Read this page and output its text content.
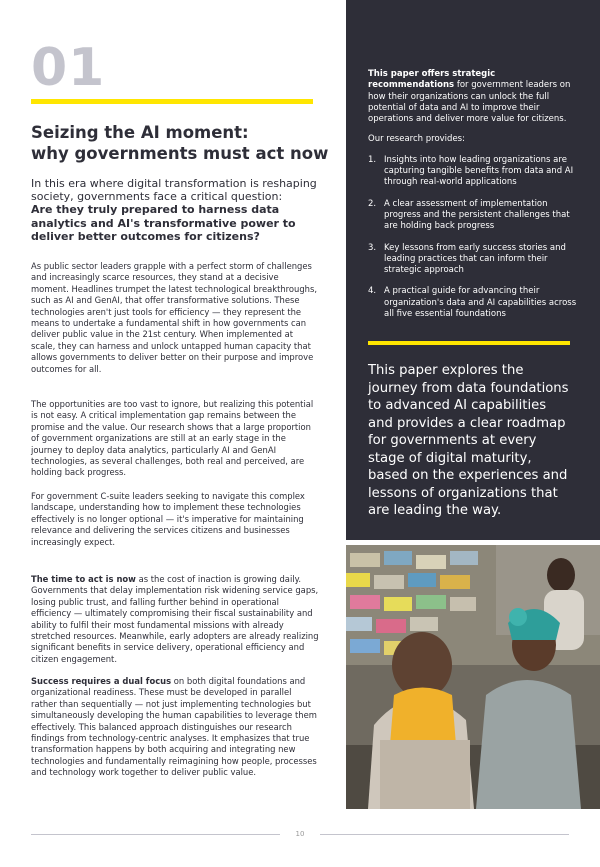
01
Seizing the AI moment:
why governments must act now

In this era where digital transformation is reshaping society, governments face a critical question:
Are they truly prepared to harness data analytics and AI's transformative power to deliver better outcomes for citizens?

As public sector leaders grapple with a perfect storm of challenges and increasingly scarce resources, they stand at a decisive moment. Headlines trumpet the latest technological breakthroughs, such as AI and GenAI, that offer transformative solutions. These technologies aren't just tools for efficiency — they represent the means to undertake a fundamental shift in how governments can deliver public value in the 21st century. When implemented at scale, they can harness and unlock untapped human capacity that allows governments to deliver better on their purpose and improve outcomes for all.

The opportunities are too vast to ignore, but realizing this potential is not easy. A critical implementation gap remains between the promise and the value. Our research shows that a large proportion of government organizations are still at an early stage in the journey to deploy data analytics, particularly AI and GenAI technologies, as several challenges, both real and perceived, are holding back progress.

For government C-suite leaders seeking to navigate this complex landscape, understanding how to implement these technologies effectively is no longer optional — it's imperative for maintaining relevance and delivering the services citizens and businesses increasingly expect.

The time to act is now as the cost of inaction is growing daily. Governments that delay implementation risk widening service gaps, losing public trust, and falling further behind in operational efficiency — ultimately compromising their fiscal sustainability and ability to fulfil their most fundamental missions with already stretched resources. Meanwhile, early adopters are already realizing significant benefits in service delivery, operational efficiency and citizen engagement.

Success requires a dual focus on both digital foundations and organizational readiness. These must be developed in parallel rather than sequentially — not just implementing technologies but simultaneously developing the human capabilities to leverage them effectively. This balanced approach distinguishes our research findings from technology-centric analyses. It emphasizes that true transformation happens by both acquiring and integrating new technologies and fundamentally reimagining how people, processes and technology work together to deliver public value.

This paper offers strategic recommendations for government leaders on how their organizations can unlock the full potential of data and AI to improve their operations and deliver more value for citizens.

Our research provides:

1. Insights into how leading organizations are capturing tangible benefits from data and AI through real-world applications
2. A clear assessment of implementation progress and the persistent challenges that are holding back progress
3. Key lessons from early success stories and leading practices that can inform their strategic approach
4. A practical guide for advancing their organization's data and AI capabilities across all five essential foundations

This paper explores the journey from data foundations to advanced AI capabilities and provides a clear roadmap for governments at every stage of digital maturity, based on the experiences and lessons of organizations that are leading the way.

10
